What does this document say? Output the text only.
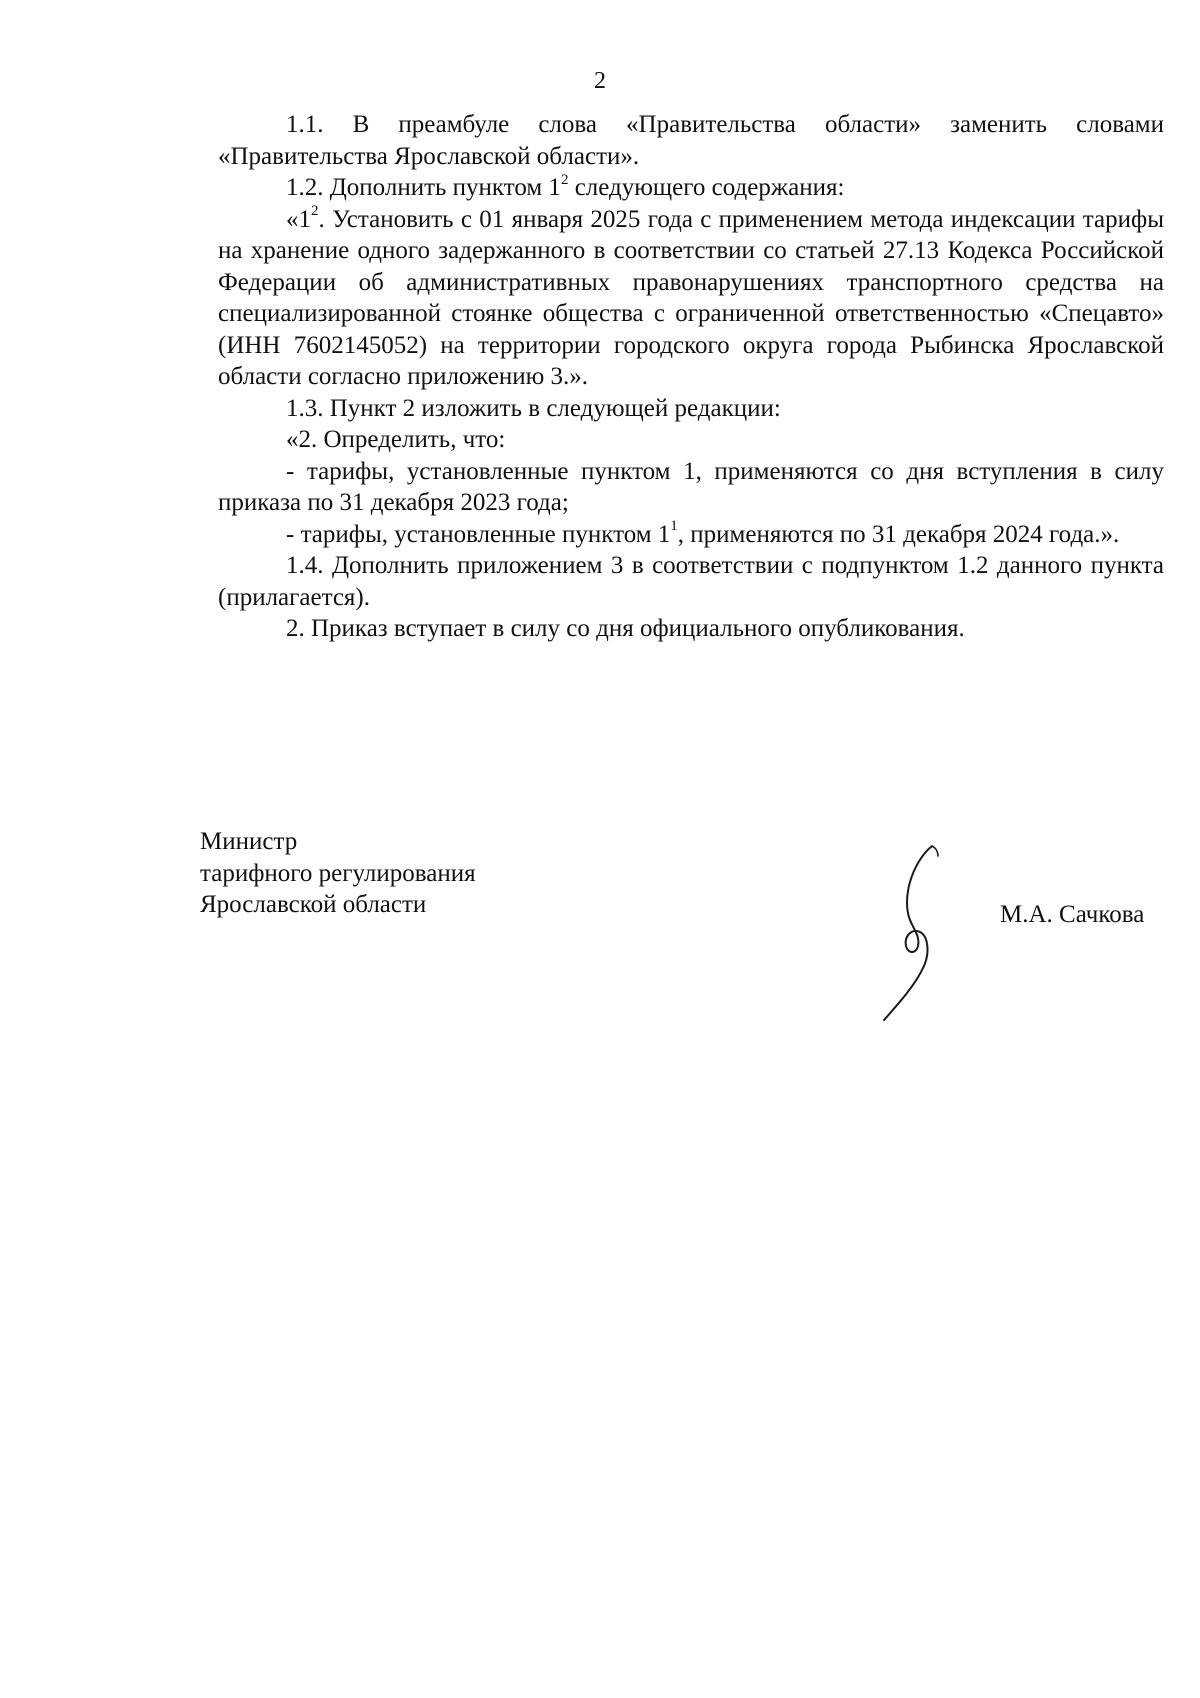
2

1.1. В преамбуле слова «Правительства области» заменить словами «Правительства Ярославской области».

1.2. Дополнить пунктом $1^2$ следующего содержания:

«$1^2$. Установить с 01 января 2025 года с применением метода индексации тарифы на хранение одного задержанного в соответствии со статьей 27.13 Кодекса Российской Федерации об административных правонарушениях транспортного средства на специализированной стоянке общества с ограниченной ответственностью «Спецавто» (ИНН 7602145052) на территории городского округа города Рыбинска Ярославской области согласно приложению 3.».

1.3. Пункт 2 изложить в следующей редакции:

«2. Определить, что:

- тарифы, установленные пунктом 1, применяются со дня вступления в силу приказа по 31 декабря 2023 года;

- тарифы, установленные пунктом $1^1$, применяются по 31 декабря 2024 года.».

1.4. Дополнить приложением 3 в соответствии с подпунктом 1.2 данного пункта (прилагается).

2. Приказ вступает в силу со дня официального опубликования.

Министр
тарифного регулирования
Ярославской области	М.А. Сачкова
